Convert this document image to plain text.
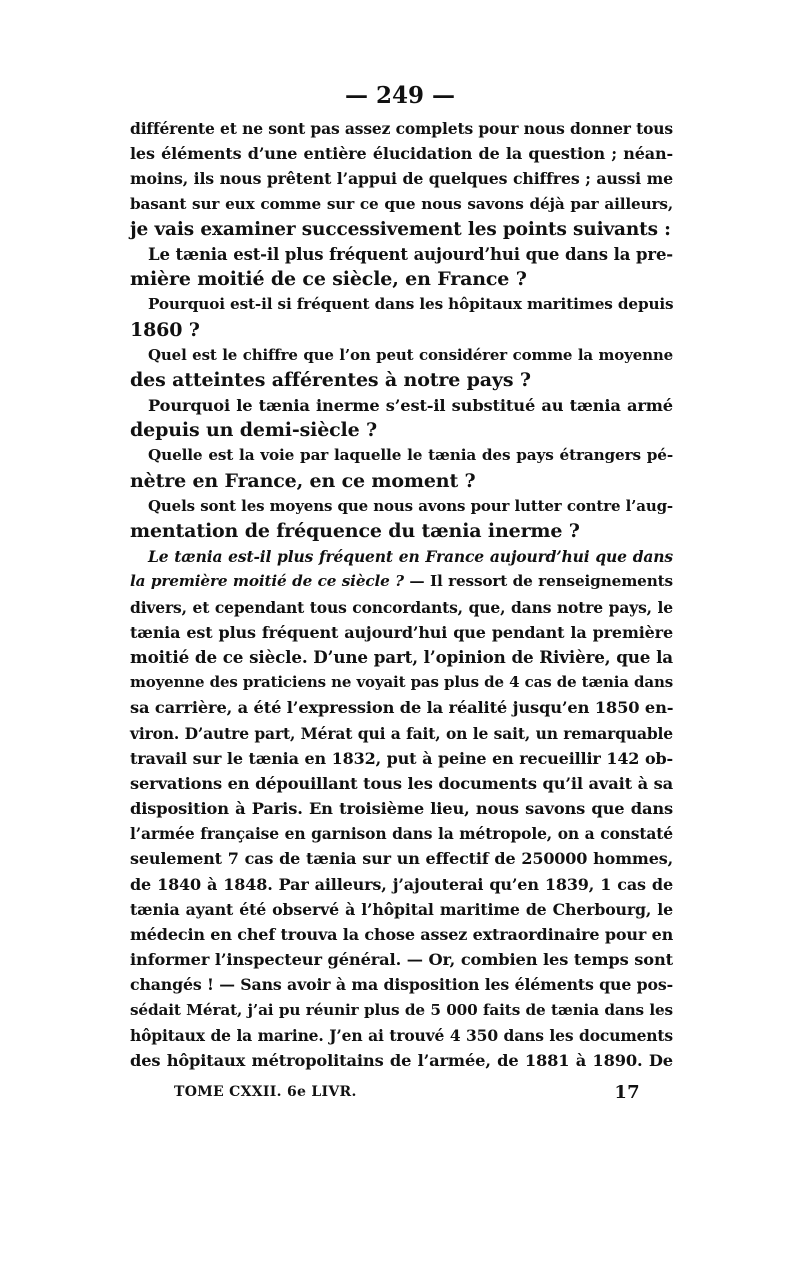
— 249 —
différente et ne sont pas assez complets pour nous donner tous
les éléments d’une entière élucidation de la question ; néan-
moins, ils nous prêtent l’appui de quelques chiffres ; aussi me
basant sur eux comme sur ce que nous savons déjà par ailleurs,
je vais examiner successivement les points suivants :
Le tænia est-il plus fréquent aujourd’hui que dans la pre-
mière moitié de ce siècle, en France ?
Pourquoi est-il si fréquent dans les hôpitaux maritimes depuis
1860 ?
Quel est le chiffre que l’on peut considérer comme la moyenne
des atteintes afférentes à notre pays ?
Pourquoi le tænia inerme s’est-il substitué au tænia armé
depuis un demi-siècle ?
Quelle est la voie par laquelle le tænia des pays étrangers pé-
nètre en France, en ce moment ?
Quels sont les moyens que nous avons pour lutter contre l’aug-
mentation de fréquence du tænia inerme ?
Le tænia est-il plus fréquent en France aujourd’hui que dans
la première moitié de ce siècle ? — Il ressort de renseignements
divers, et cependant tous concordants, que, dans notre pays, le
tænia est plus fréquent aujourd’hui que pendant la première
moitié de ce siècle. D’une part, l’opinion de Rivière, que la
moyenne des praticiens ne voyait pas plus de 4 cas de tænia dans
sa carrière, a été l’expression de la réalité jusqu’en 1850 en-
viron. D’autre part, Mérat qui a fait, on le sait, un remarquable
travail sur le tænia en 1832, put à peine en recueillir 142 ob-
servations en dépouillant tous les documents qu’il avait à sa
disposition à Paris. En troisième lieu, nous savons que dans
l’armée française en garnison dans la métropole, on a constaté
seulement 7 cas de tænia sur un effectif de 250000 hommes,
de 1840 à 1848. Par ailleurs, j’ajouterai qu’en 1839, 1 cas de
tænia ayant été observé à l’hôpital maritime de Cherbourg, le
médecin en chef trouva la chose assez extraordinaire pour en
informer l’inspecteur général. — Or, combien les temps sont
changés ! — Sans avoir à ma disposition les éléments que pos-
sédait Mérat, j’ai pu réunir plus de 5 000 faits de tænia dans les
hôpitaux de la marine. J’en ai trouvé 4 350 dans les documents
des hôpitaux métropolitains de l’armée, de 1881 à 1890. De
TOME CXXII. 6e LIVR.	17
